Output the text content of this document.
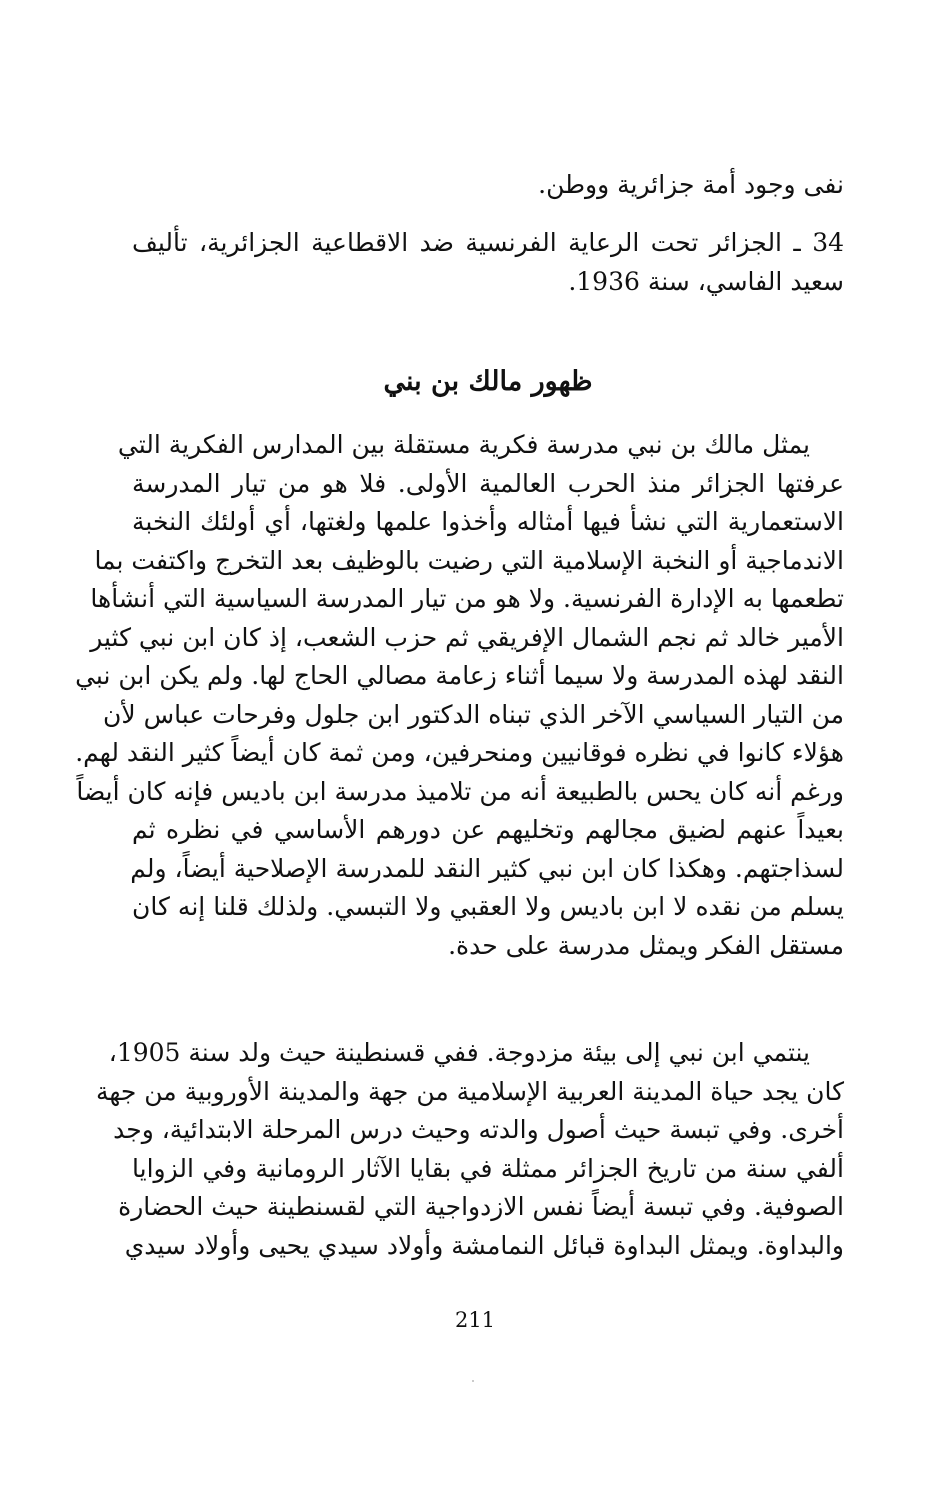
نفى وجود أمة جزائرية ووطن.
34 ـ الجزائر تحت الرعاية الفرنسية ضد الاقطاعية الجزائرية، تأليف
سعيد الفاسي، سنة 1936.
ظهور مالك بن بني
يمثل مالك بن نبي مدرسة فكرية مستقلة بين المدارس الفكرية التي
عرفتها الجزائر منذ الحرب العالمية الأولى. فلا هو من تيار المدرسة
الاستعمارية التي نشأ فيها أمثاله وأخذوا علمها ولغتها، أي أولئك النخبة
الاندماجية أو النخبة الإسلامية التي رضيت بالوظيف بعد التخرج واكتفت بما
تطعمها به الإدارة الفرنسية. ولا هو من تيار المدرسة السياسية التي أنشأها
الأمير خالد ثم نجم الشمال الإفريقي ثم حزب الشعب، إذ كان ابن نبي كثير
النقد لهذه المدرسة ولا سيما أثناء زعامة مصالي الحاج لها. ولم يكن ابن نبي
من التيار السياسي الآخر الذي تبناه الدكتور ابن جلول وفرحات عباس لأن
هؤلاء كانوا في نظره فوقانيين ومنحرفين، ومن ثمة كان أيضاً كثير النقد لهم.
ورغم أنه كان يحس بالطبيعة أنه من تلاميذ مدرسة ابن باديس فإنه كان أيضاً
بعيداً عنهم لضيق مجالهم وتخليهم عن دورهم الأساسي في نظره ثم
لسذاجتهم. وهكذا كان ابن نبي كثير النقد للمدرسة الإصلاحية أيضاً، ولم
يسلم من نقده لا ابن باديس ولا العقبي ولا التبسي. ولذلك قلنا إنه كان
مستقل الفكر ويمثل مدرسة على حدة.
ينتمي ابن نبي إلى بيئة مزدوجة. ففي قسنطينة حيث ولد سنة 1905،
كان يجد حياة المدينة العربية الإسلامية من جهة والمدينة الأوروبية من جهة
أخرى. وفي تبسة حيث أصول والدته وحيث درس المرحلة الابتدائية، وجد
ألفي سنة من تاريخ الجزائر ممثلة في بقايا الآثار الرومانية وفي الزوايا
الصوفية. وفي تبسة أيضاً نفس الازدواجية التي لقسنطينة حيث الحضارة
والبداوة. ويمثل البداوة قبائل النمامشة وأولاد سيدي يحيى وأولاد سيدي
211
